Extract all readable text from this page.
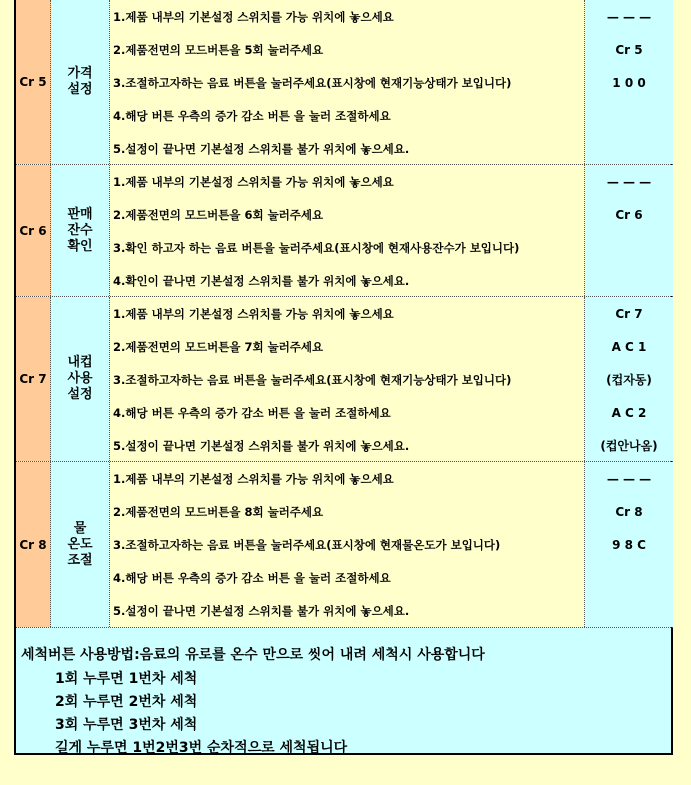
Cr 5
가격
설정
1.제품 내부의 기본설정 스위치를 가능 위치에 놓으세요
2.제품전면의 모드버튼을 5회 눌러주세요
3.조절하고자하는 음료 버튼을 눌러주세요(표시창에 현재기능상태가 보입니다)
4.해당 버튼 우측의 증가 감소 버튼 을 눌러 조절하세요
5.설정이 끝나면 기본설정 스위치를 불가 위치에 놓으세요.
— — —
Cr 5
1 0 0
Cr 6
판매
잔수
확인
1.제품 내부의 기본설정 스위치를 가능 위치에 놓으세요
2.제품전면의 모드버튼을 6회 눌러주세요
3.확인 하고자 하는 음료 버튼을 눌러주세요(표시창에 현재사용잔수가 보입니다)
4.확인이 끝나면 기본설정 스위치를 불가 위치에 놓으세요.
— — —
Cr 6
Cr 7
내컵
사용
설정
1.제품 내부의 기본설정 스위치를 가능 위치에 놓으세요
2.제품전면의 모드버튼을 7회 눌러주세요
3.조절하고자하는 음료 버튼을 눌러주세요(표시창에 현재기능상태가 보입니다)
4.해당 버튼 우측의 증가 감소 버튼 을 눌러 조절하세요
5.설정이 끝나면 기본설정 스위치를 불가 위치에 놓으세요.
Cr 7
A C 1
(컵자동)
A C 2
(컵안나옴)
Cr 8
물
온도
조절
1.제품 내부의 기본설정 스위치를 가능 위치에 놓으세요
2.제품전면의 모드버튼을 8회 눌러주세요
3.조절하고자하는 음료 버튼을 눌러주세요(표시창에 현재물온도가 보입니다)
4.해당 버튼 우측의 증가 감소 버튼 을 눌러 조절하세요
5.설정이 끝나면 기본설정 스위치를 불가 위치에 놓으세요.
— — —
Cr 8
9 8 C
세척버튼 사용방법:음료의 유로를 온수 만으로 씻어 내려 세척시 사용합니다
1회 누루면 1번차 세척
2회 누루면 2번차 세척
3회 누루면 3번차 세척
길게 누루면 1번2번3번 순차적으로 세척됩니다
